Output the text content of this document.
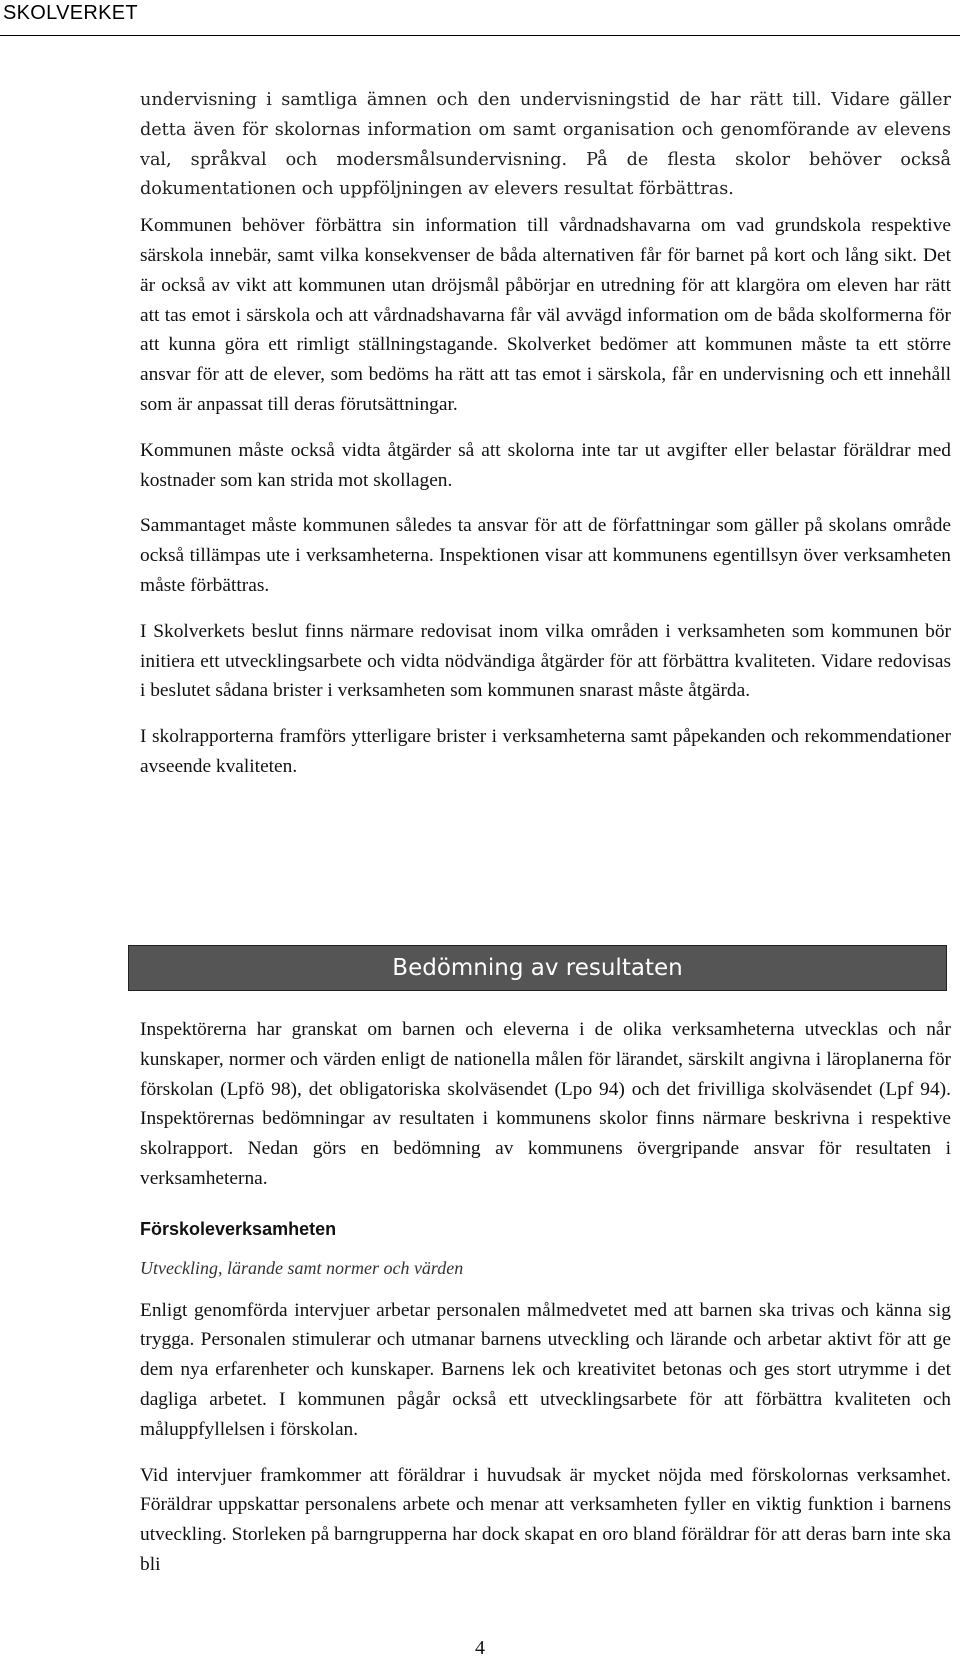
SKOLVERKET

undervisning i samtliga ämnen och den undervisningstid de har rätt till. Vidare gäller detta även för skolornas information om samt organisation och genomförande av elevens val, språkval och modersmålsundervisning. På de flesta skolor behöver också dokumentationen och uppföljningen av elevers resultat förbättras.

Kommunen behöver förbättra sin information till vårdnadshavarna om vad grundskola respektive särskola innebär, samt vilka konsekvenser de båda alternativen får för barnet på kort och lång sikt. Det är också av vikt att kommunen utan dröjsmål påbörjar en utredning för att klargöra om eleven har rätt att tas emot i särskola och att vårdnadshavarna får väl avvägd information om de båda skolformerna för att kunna göra ett rimligt ställningstagande. Skolverket bedömer att kommunen måste ta ett större ansvar för att de elever, som bedöms ha rätt att tas emot i särskola, får en undervisning och ett innehåll som är anpassat till deras förutsättningar.

Kommunen måste också vidta åtgärder så att skolorna inte tar ut avgifter eller belastar föräldrar med kostnader som kan strida mot skollagen.

Sammantaget måste kommunen således ta ansvar för att de författningar som gäller på skolans område också tillämpas ute i verksamheterna. Inspektionen visar att kommunens egentillsyn över verksamheten måste förbättras.

I Skolverkets beslut finns närmare redovisat inom vilka områden i verksamheten som kommunen bör initiera ett utvecklingsarbete och vidta nödvändiga åtgärder för att förbättra kvaliteten. Vidare redovisas i beslutet sådana brister i verksamheten som kommunen snarast måste åtgärda.

I skolrapporterna framförs ytterligare brister i verksamheterna samt påpekanden och rekommendationer avseende kvaliteten.

Bedömning av resultaten

Inspektörerna har granskat om barnen och eleverna i de olika verksamheterna utvecklas och når kunskaper, normer och värden enligt de nationella målen för lärandet, särskilt angivna i läroplanerna för förskolan (Lpfö 98), det obligatoriska skolväsendet (Lpo 94) och det frivilliga skolväsendet (Lpf 94). Inspektörernas bedömningar av resultaten i kommunens skolor finns närmare beskrivna i respektive skolrapport. Nedan görs en bedömning av kommunens övergripande ansvar för resultaten i verksamheterna.

Förskoleverksamheten

Utveckling, lärande samt normer och värden

Enligt genomförda intervjuer arbetar personalen målmedvetet med att barnen ska trivas och känna sig trygga. Personalen stimulerar och utmanar barnens utveckling och lärande och arbetar aktivt för att ge dem nya erfarenheter och kunskaper. Barnens lek och kreativitet betonas och ges stort utrymme i det dagliga arbetet. I kommunen pågår också ett utvecklingsarbete för att förbättra kvaliteten och måluppfyllelsen i förskolan.

Vid intervjuer framkommer att föräldrar i huvudsak är mycket nöjda med förskolornas verksamhet. Föräldrar uppskattar personalens arbete och menar att verksamheten fyller en viktig funktion i barnens utveckling. Storleken på barngrupperna har dock skapat en oro bland föräldrar för att deras barn inte ska bli

4
